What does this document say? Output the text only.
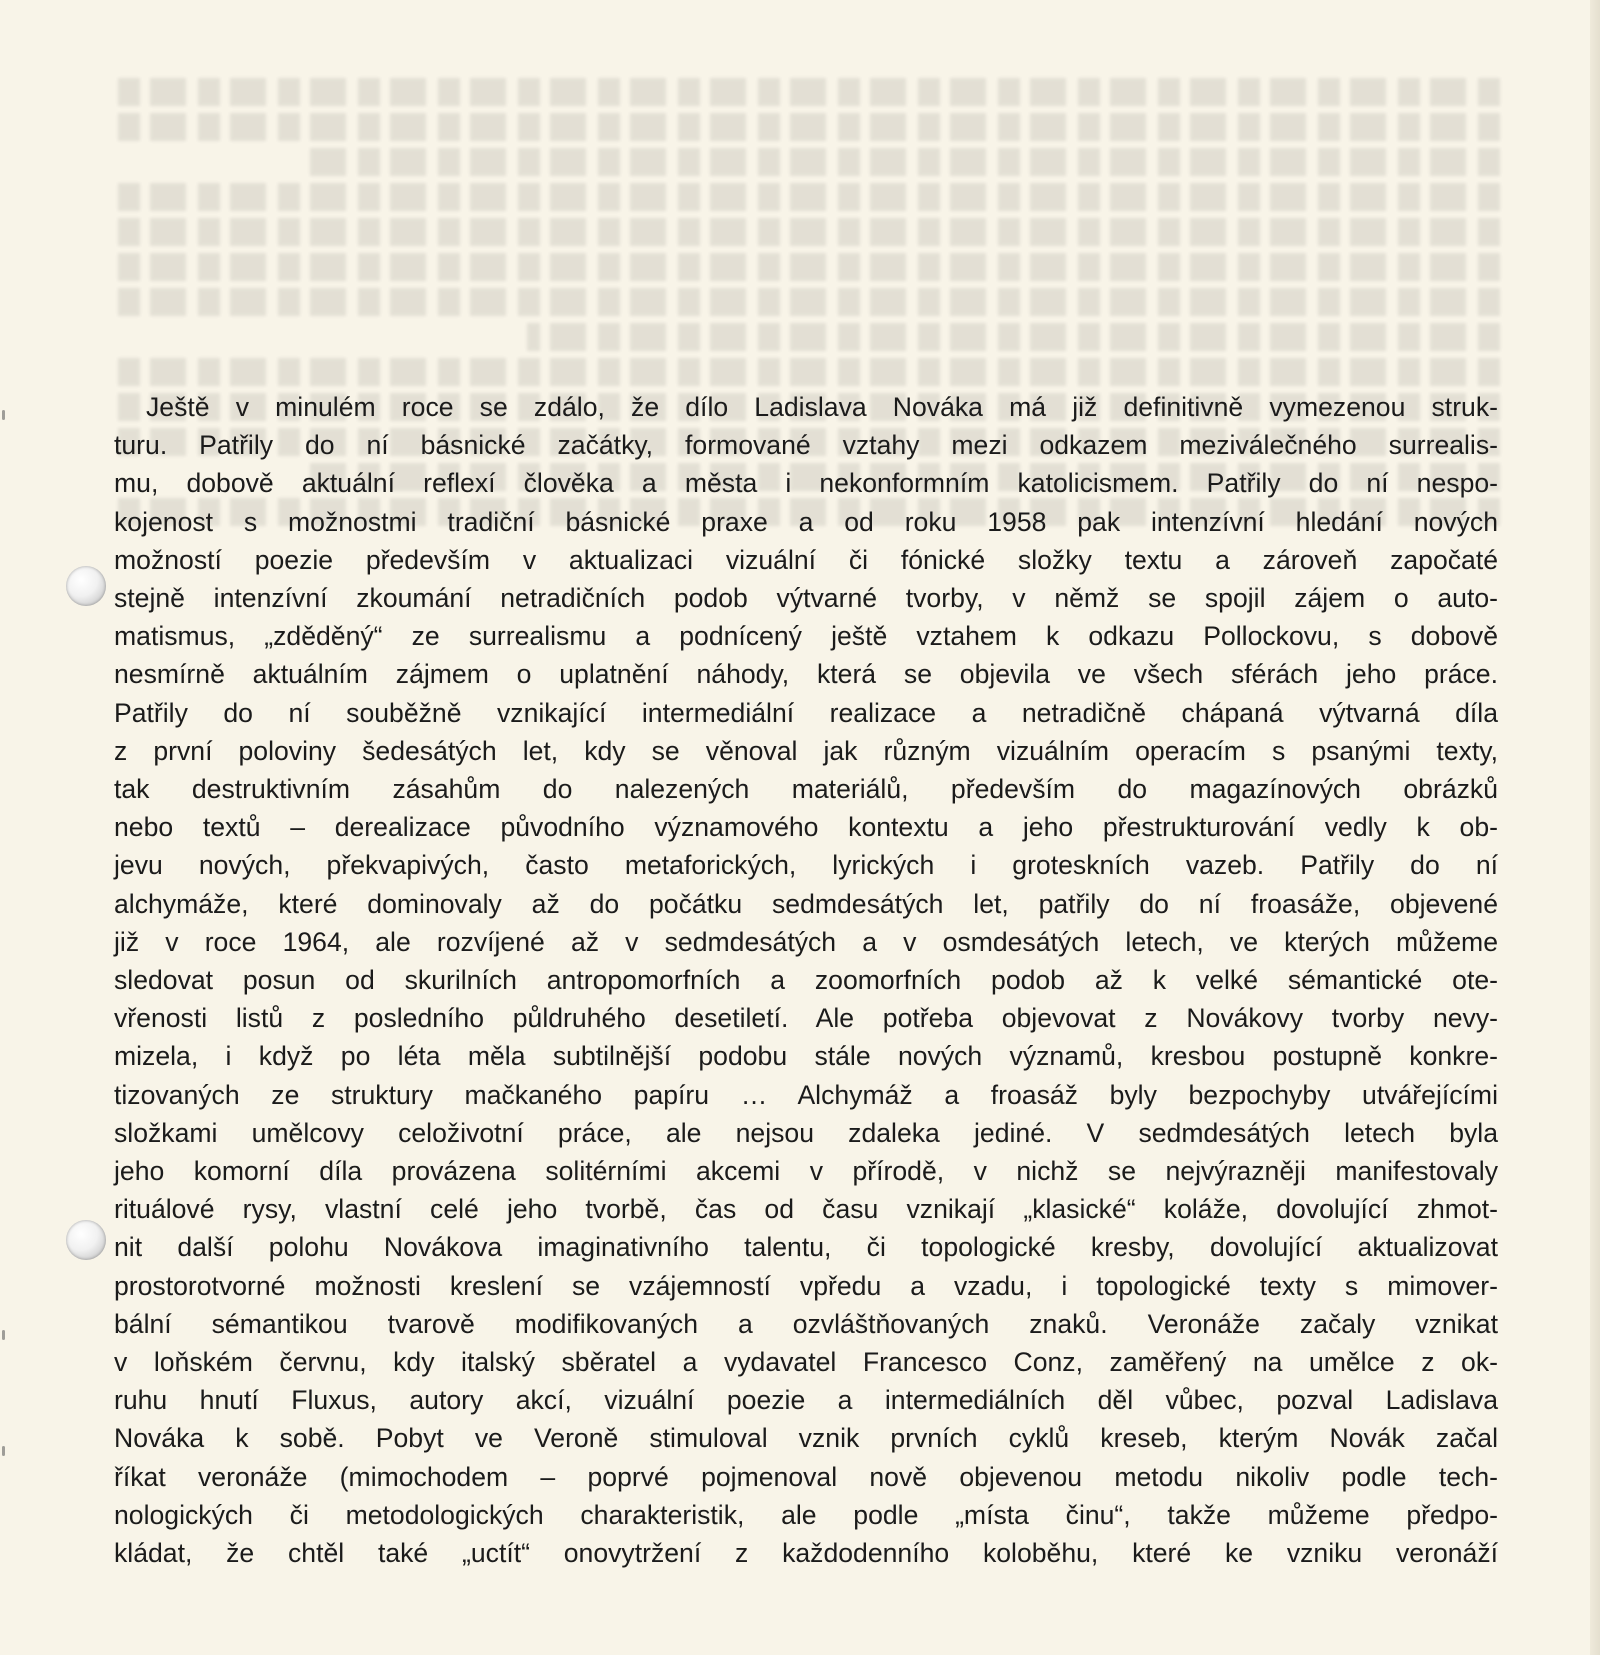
Ještě v minulém roce se zdálo, že dílo Ladislava Nováka má již definitivně vymezenou struk-
turu. Patřily do ní básnické začátky, formované vztahy mezi odkazem meziválečného surrealis-
mu, dobově aktuální reflexí člověka a města i nekonformním katolicismem. Patřily do ní nespo-
kojenost s možnostmi tradiční básnické praxe a od roku 1958 pak intenzívní hledání nových
možností poezie především v aktualizaci vizuální či fónické složky textu a zároveň započaté
stejně intenzívní zkoumání netradičních podob výtvarné tvorby, v němž se spojil zájem o auto-
matismus, „zděděný“ ze surrealismu a podnícený ještě vztahem k odkazu Pollockovu, s dobově
nesmírně aktuálním zájmem o uplatnění náhody, která se objevila ve všech sférách jeho práce.
Patřily do ní souběžně vznikající intermediální realizace a netradičně chápaná výtvarná díla
z první poloviny šedesátých let, kdy se věnoval jak různým vizuálním operacím s psanými texty,
tak destruktivním zásahům do nalezených materiálů, především do magazínových obrázků
nebo textů – derealizace původního významového kontextu a jeho přestrukturování vedly k ob-
jevu nových, překvapivých, často metaforických, lyrických i groteskních vazeb. Patřily do ní
alchymáže, které dominovaly až do počátku sedmdesátých let, patřily do ní froasáže, objevené
již v roce 1964, ale rozvíjené až v sedmdesátých a v osmdesátých letech, ve kterých můžeme
sledovat posun od skurilních antropomorfních a zoomorfních podob až k velké sémantické ote-
vřenosti listů z posledního půldruhého desetiletí. Ale potřeba objevovat z Novákovy tvorby nevy-
mizela, i když po léta měla subtilnější podobu stále nových významů, kresbou postupně konkre-
tizovaných ze struktury mačkaného papíru … Alchymáž a froasáž byly bezpochyby utvářejícími
složkami umělcovy celoživotní práce, ale nejsou zdaleka jediné. V sedmdesátých letech byla
jeho komorní díla provázena solitérními akcemi v přírodě, v nichž se nejvýrazněji manifestovaly
rituálové rysy, vlastní celé jeho tvorbě, čas od času vznikají „klasické“ koláže, dovolující zhmot-
nit další polohu Novákova imaginativního talentu, či topologické kresby, dovolující aktualizovat
prostorotvorné možnosti kreslení se vzájemností vpředu a vzadu, i topologické texty s mimover-
bální sémantikou tvarově modifikovaných a ozvláštňovaných znaků. Veronáže začaly vznikat
v loňském červnu, kdy italský sběratel a vydavatel Francesco Conz, zaměřený na umělce z ok-
ruhu hnutí Fluxus, autory akcí, vizuální poezie a intermediálních děl vůbec, pozval Ladislava
Nováka k sobě. Pobyt ve Veroně stimuloval vznik prvních cyklů kreseb, kterým Novák začal
říkat veronáže (mimochodem – poprvé pojmenoval nově objevenou metodu nikoliv podle tech-
nologických či metodologických charakteristik, ale podle „místa činu“, takže můžeme předpo-
kládat, že chtěl také „uctít“ onovytržení z každodenního koloběhu, které ke vzniku veronáží
